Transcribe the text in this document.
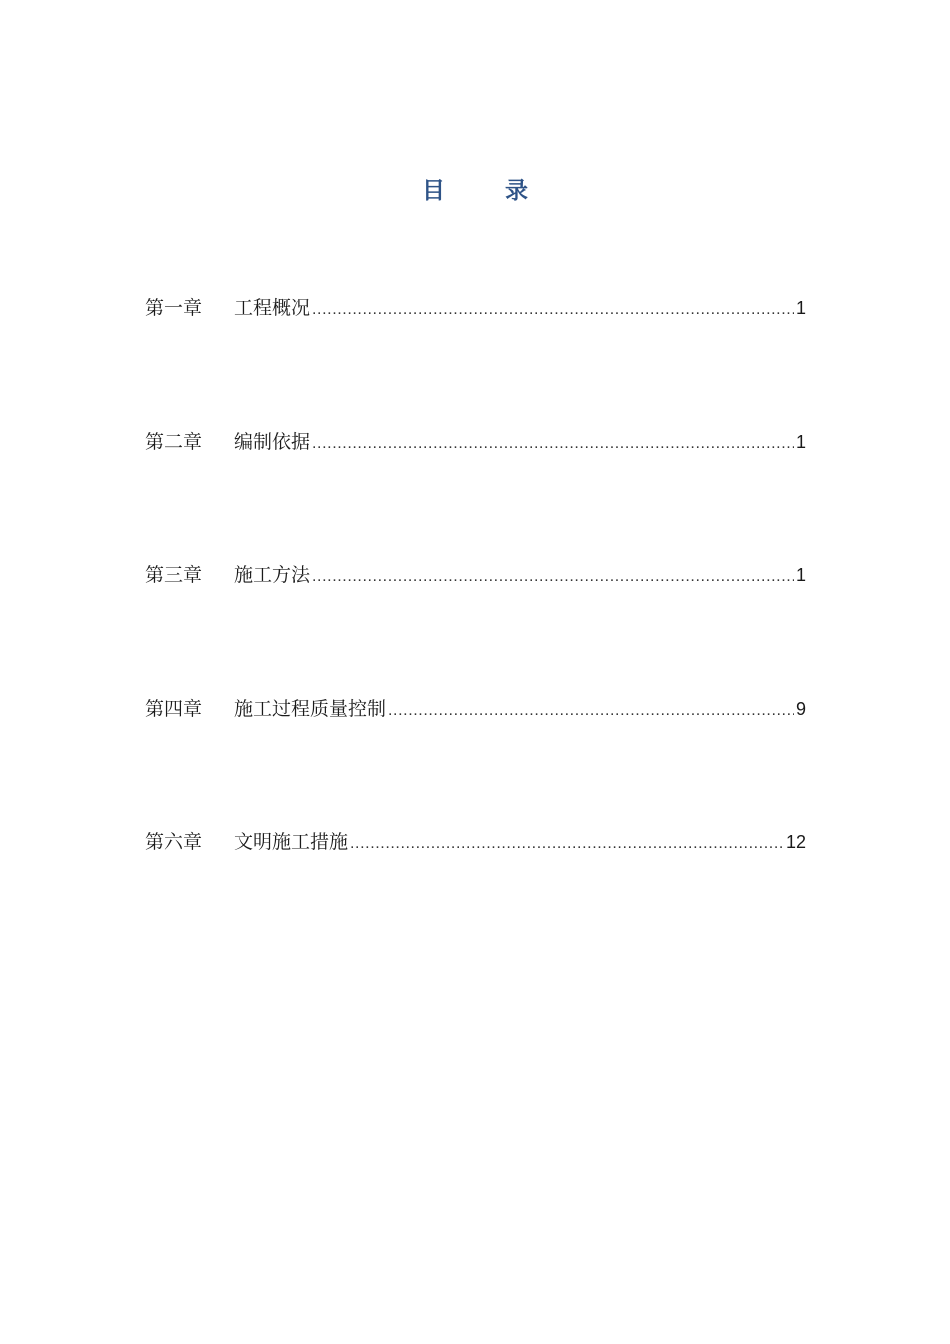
目 录
第一章	工程概况 .....	1
第二章	编制依据 .....	1
第三章	施工方法 .....	1
第四章	施工过程质量控制 .....	9
第六章	文明施工措施 .....	12
